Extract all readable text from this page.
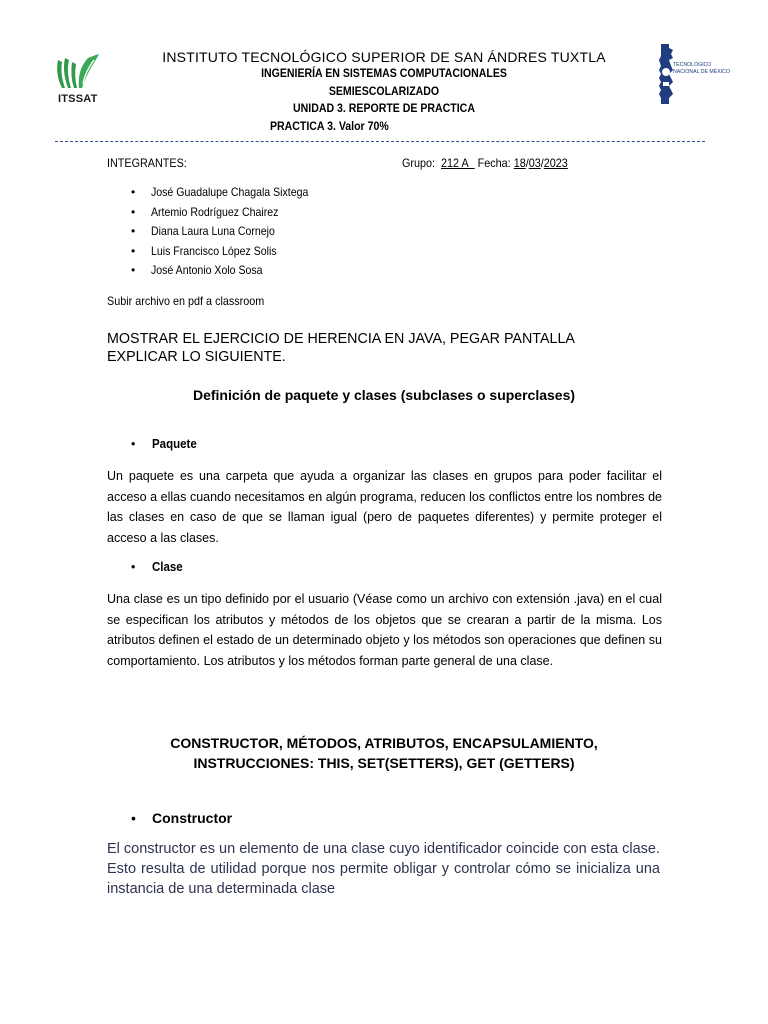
ITSSAT
TECNOLÓGICO
NACIONAL DE MÉXICO
INSTITUTO TECNOLÓGICO SUPERIOR DE SAN ÁNDRES TUXTLA
INGENIERÍA EN SISTEMAS COMPUTACIONALES
SEMIESCOLARIZADO
UNIDAD 3. REPORTE DE PRACTICA
PRACTICA 3. Valor 70%
INTEGRANTES:	Grupo: 212 A Fecha: 18/03/2023
• José Guadalupe Chagala Sixtega
• Artemio Rodríguez Chairez
• Diana Laura Luna Cornejo
• Luis Francisco López Solis
• José Antonio Xolo Sosa
Subir archivo en pdf a classroom
MOSTRAR EL EJERCICIO DE HERENCIA EN JAVA, PEGAR PANTALLA
EXPLICAR LO SIGUIENTE.
Definición de paquete y clases (subclases o superclases)
• Paquete
Un paquete es una carpeta que ayuda a organizar las clases en grupos para poder facilitar el acceso a ellas cuando necesitamos en algún programa, reducen los conflictos entre los nombres de las clases en caso de que se llaman igual (pero de paquetes diferentes) y permite proteger el acceso a las clases.
• Clase
Una clase es un tipo definido por el usuario (Véase como un archivo con extensión .java) en el cual se especifican los atributos y métodos de los objetos que se crearan a partir de la misma. Los atributos definen el estado de un determinado objeto y los métodos son operaciones que definen su comportamiento. Los atributos y los métodos forman parte general de una clase.
CONSTRUCTOR, MÉTODOS, ATRIBUTOS, ENCAPSULAMIENTO,
INSTRUCCIONES: THIS, SET(SETTERS), GET (GETTERS)
• Constructor
El constructor es un elemento de una clase cuyo identificador coincide con esta clase. Esto resulta de utilidad porque nos permite obligar y controlar cómo se inicializa una instancia de una determinada clase
